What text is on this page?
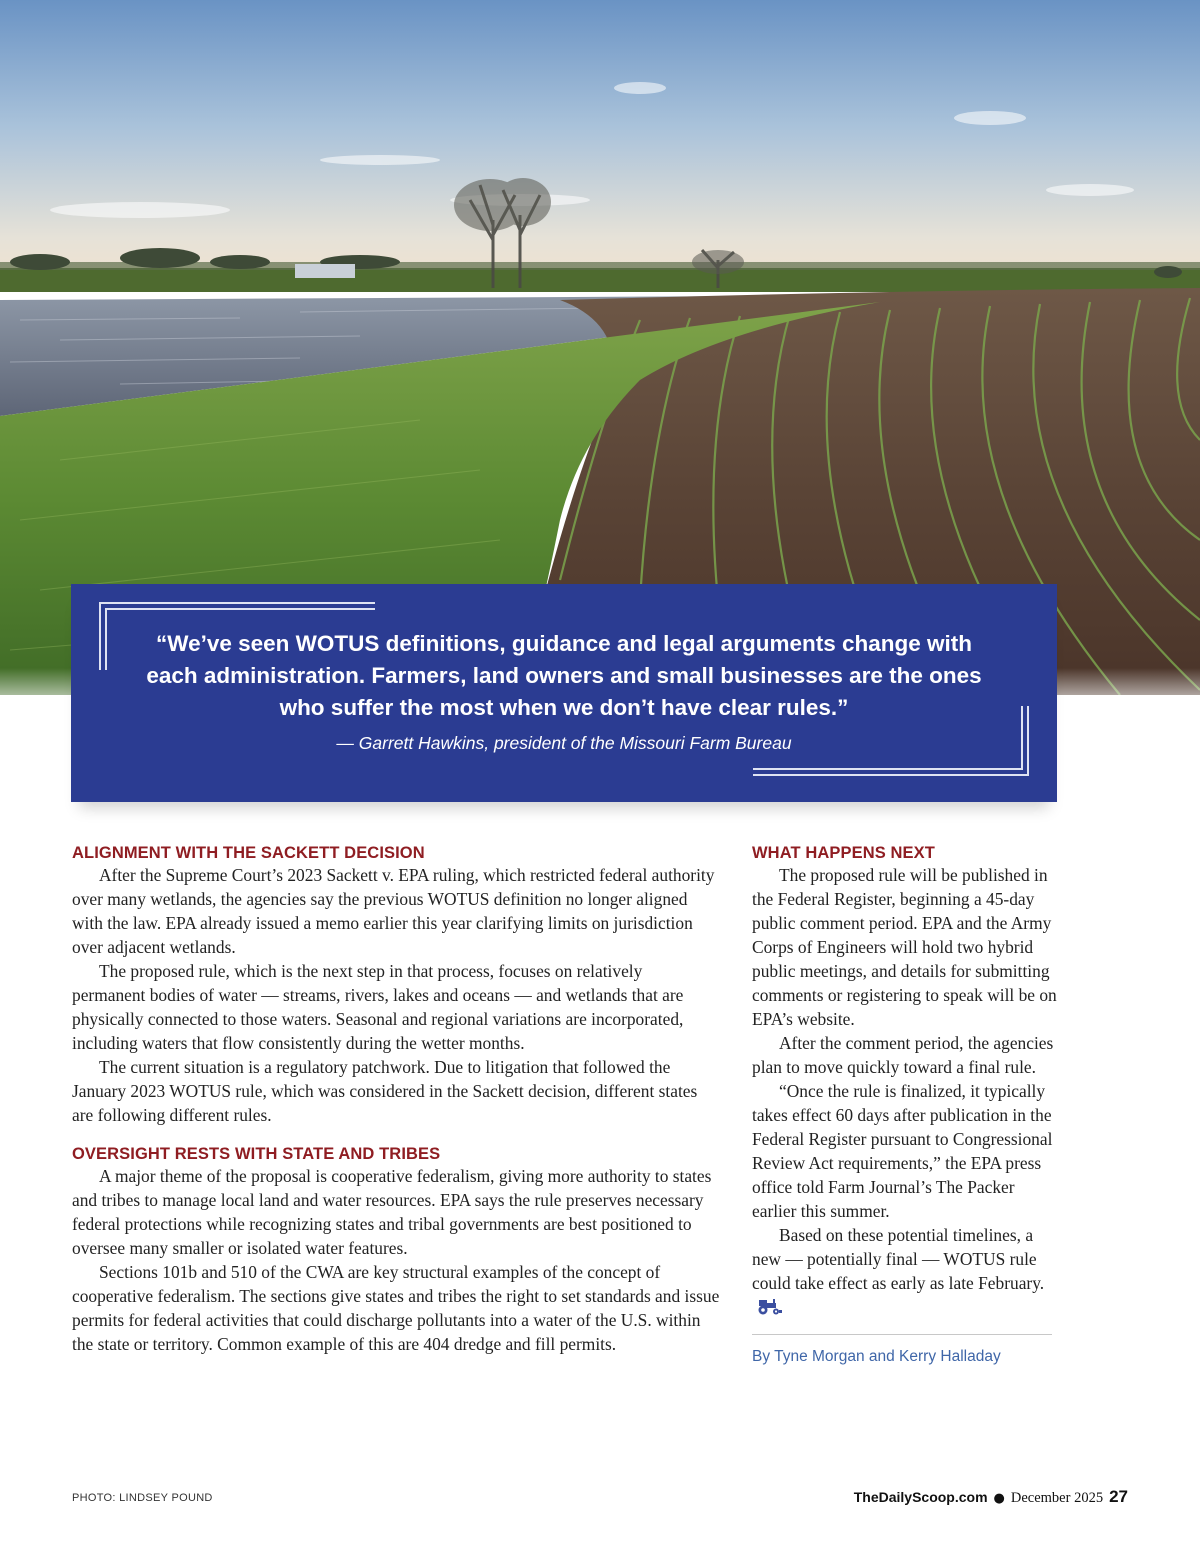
“We’ve seen WOTUS definitions, guidance and legal arguments change with each administration. Farmers, land owners and small businesses are the ones who suffer the most when we don’t have clear rules.”

— Garrett Hawkins, president of the Missouri Farm Bureau

ALIGNMENT WITH THE SACKETT DECISION

After the Supreme Court’s 2023 Sackett v. EPA ruling, which restricted federal authority over many wetlands, the agencies say the previous WOTUS definition no longer aligned with the law. EPA already issued a memo earlier this year clarifying limits on jurisdiction over adjacent wetlands.

The proposed rule, which is the next step in that process, focuses on relatively permanent bodies of water — streams, rivers, lakes and oceans — and wetlands that are physically connected to those waters. Seasonal and regional variations are incorporated, including waters that flow consistently during the wetter months.

The current situation is a regulatory patchwork. Due to litigation that followed the January 2023 WOTUS rule, which was considered in the Sackett decision, different states are following different rules.

OVERSIGHT RESTS WITH STATE AND TRIBES

A major theme of the proposal is cooperative federalism, giving more authority to states and tribes to manage local land and water resources. EPA says the rule preserves necessary federal protections while recognizing states and tribal governments are best positioned to oversee many smaller or isolated water features.

Sections 101b and 510 of the CWA are key structural examples of the concept of cooperative federalism. The sections give states and tribes the right to set standards and issue permits for federal activities that could discharge pollutants into a water of the U.S. within the state or territory. Common example of this are 404 dredge and fill permits.

WHAT HAPPENS NEXT

The proposed rule will be published in the Federal Register, beginning a 45-day public comment period. EPA and the Army Corps of Engineers will hold two hybrid public meetings, and details for submitting comments or registering to speak will be on EPA’s website.

After the comment period, the agencies plan to move quickly toward a final rule.

“Once the rule is finalized, it typically takes effect 60 days after publication in the Federal Register pursuant to Congressional Review Act requirements,” the EPA press office told Farm Journal’s The Packer earlier this summer.

Based on these potential timelines, a new — potentially final — WOTUS rule could take effect as early as late February.

By Tyne Morgan and Kerry Halladay

PHOTO: LINDSEY POUND	TheDailyScoop.com ● December 2025 27
